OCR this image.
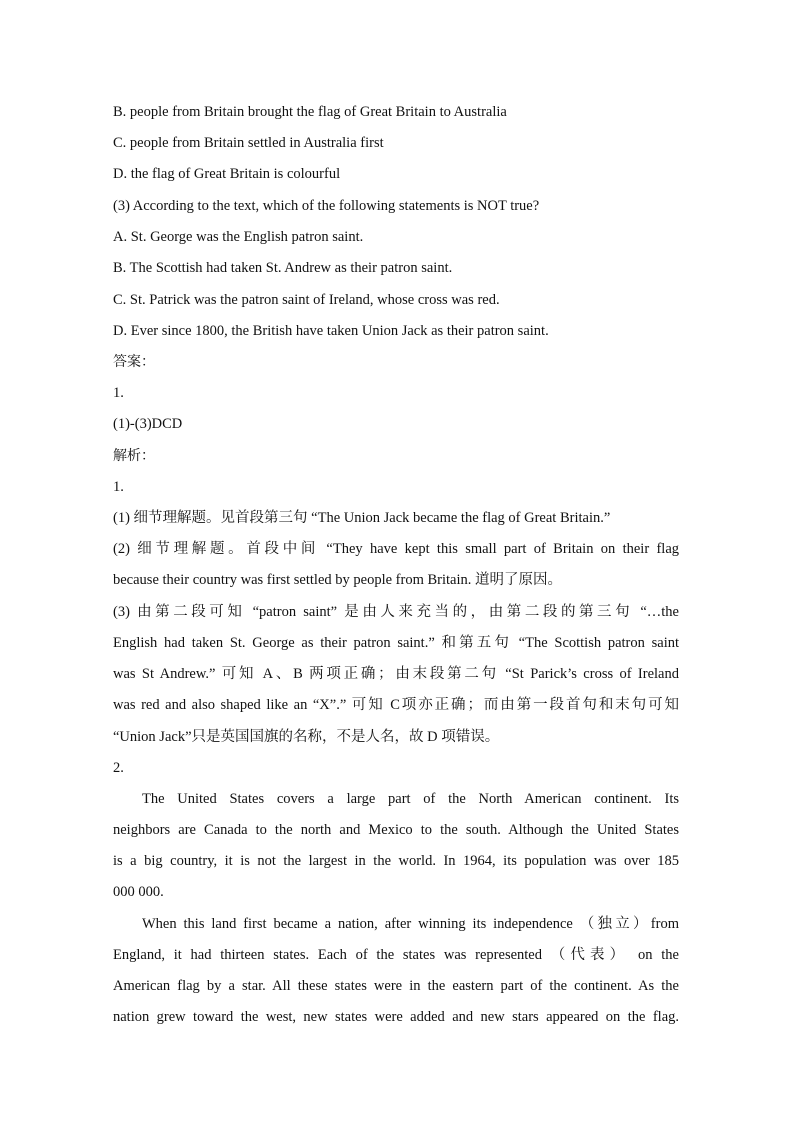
B. people from Britain brought the flag of Great Britain to Australia
C. people from Britain settled in Australia first
D. the flag of Great Britain is colourful
(3) According to the text, which of the following statements is NOT true?
A. St. George was the English patron saint.
B. The Scottish had taken St. Andrew as their patron saint.
C. St. Patrick was the patron saint of Ireland, whose cross was red.
D. Ever since 1800, the British have taken Union Jack as their patron saint.
答案：
1.
(1)-(3)DCD
解析：
1.
(1) 细节理解题。见首段第三句 “The Union Jack became the flag of Great Britain.”
(2) 细节理解题。首段中间 “They have kept this small part of Britain on their flag
because their country was first settled by people from Britain. 道明了原因。
(3) 由第二段可知 “patron saint” 是由人来充当的，由第二段的第三句 “…the
English had taken St. George as their patron saint.” 和第五句 “The Scottish patron saint
was St Andrew.” 可知 A、B 两项正确；由末段第二句 “St Parick’s cross of Ireland
was red and also shaped like an “X”.” 可知 C项亦正确；而由第一段首句和末句可知
“Union Jack”只是英国国旗的名称，不是人名，故 D 项错误。
2.
The United States covers a large part of the North American continent. Its
neighbors are Canada to the north and Mexico to the south. Although the United States
is a big country, it is not the largest in the world. In 1964, its population was over 185
000 000.
When this land first became a nation, after winning its independence （独立）from
England, it had thirteen states. Each of the states was represented （代表） on the
American flag by a star. All these states were in the eastern part of the continent. As the
nation grew toward the west, new states were added and new stars appeared on the flag.
